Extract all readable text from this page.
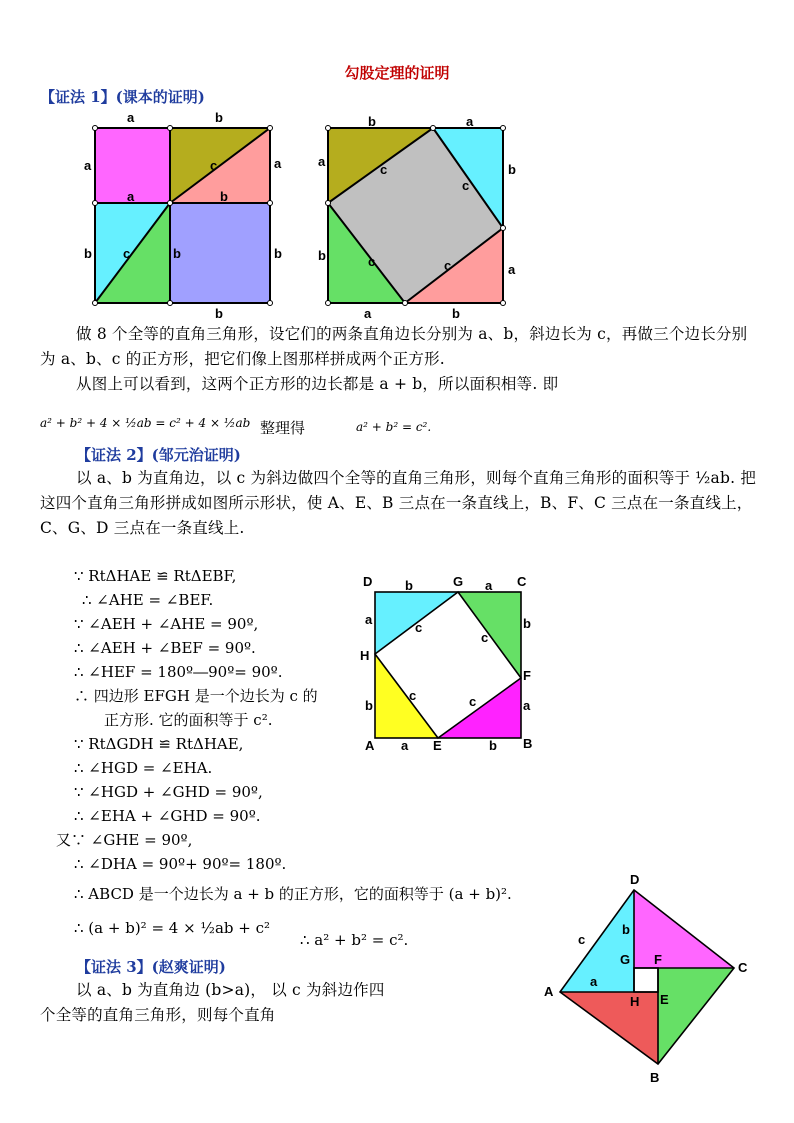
勾股定理的证明
【证法 1】(课本的证明)
a	b
a	a
c
a	b
b c	b	b
b
b	a
a
c
c
b
b	c	c	a
a	b
做 8 个全等的直角三角形，设它们的两条直角边长分别为 a、b，斜边长为 c，再做三个边长分别为 a、b、c 的正方形，把它们像上图那样拼成两个正方形.
从图上可以看到，这两个正方形的边长都是 a + b，所以面积相等. 即
a² + b² + 4 × ½ab = c² + 4 × ½ab 整理得	a² + b² = c².
【证法 2】(邹元治证明)
以 a、b 为直角边，以 c 为斜边做四个全等的直角三角形，则每个直角三角形的面积等于 ½ab. 把这四个直角三角形拼成如图所示形状，使 A、E、B 三点在一条直线上，B、F、C 三点在一条直线上，C、G、D 三点在一条直线上.
∵ RtΔHAE ≌ RtΔEBF,
∴ ∠AHE = ∠BEF.
∵ ∠AEH + ∠AHE = 90º,
∴ ∠AEH + ∠BEF = 90º.
∴ ∠HEF = 180º―90º= 90º.
∴ 四边形 EFGH 是一个边长为 c 的
正方形. 它的面积等于 c².
∵ RtΔGDH ≌ RtΔHAE,
∴ ∠HGD = ∠EHA.
∵ ∠HGD + ∠GHD = 90º,
∴ ∠EHA + ∠GHD = 90º.
又∵ ∠GHE = 90º,
∴ ∠DHA = 90º+ 90º= 180º.
∴ ABCD 是一个边长为 a + b 的正方形，它的面积等于 (a + b)².
∴ (a + b)² = 4 × ½ab + c²
∴ a² + b² = c².
D	G	C
H
F
A	E	B
b	a
a	b
c
c
c	c
b	a
a	b
【证法 3】(赵爽证明)
以 a、b 为直角边 (b>a)， 以 c 为斜边作四个全等的直角三角形，则每个直角
D
C
A
B
G F
H E
c
b
a
